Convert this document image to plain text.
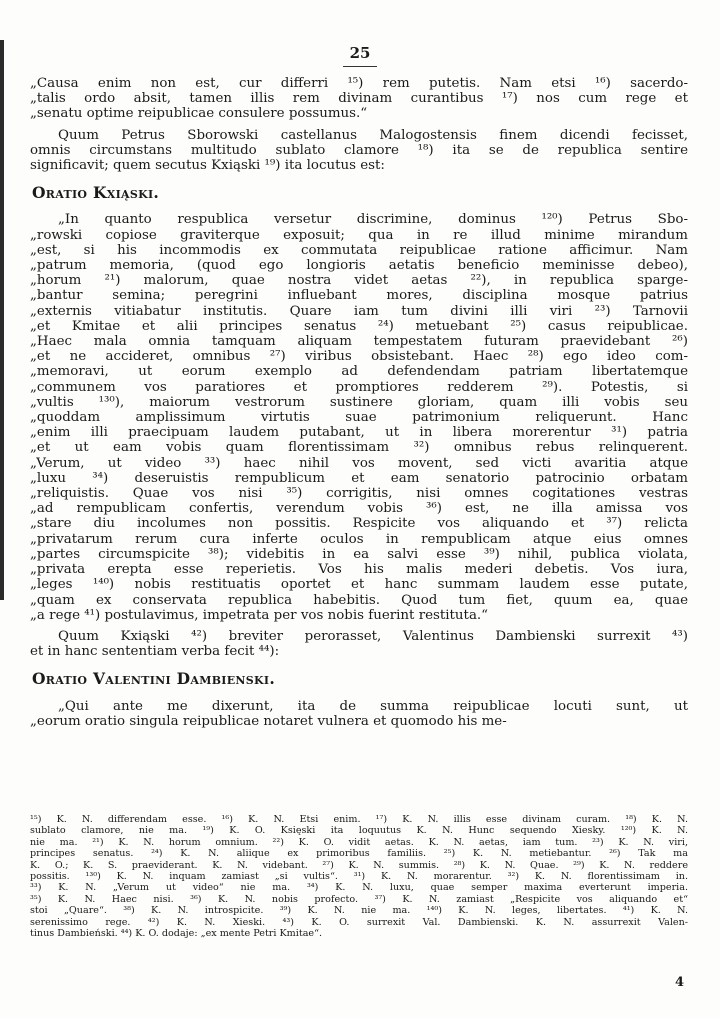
25
„Causa enim non est, cur differri ¹⁵) rem putetis. Nam etsi ¹⁶) sacerdo-
„talis ordo absit, tamen illis rem divinam curantibus ¹⁷) nos cum rege et
„senatu optime reipublicae consulere possumus.“
Quum Petrus Sborowski castellanus Malogostensis finem dicendi fecisset,
omnis circumstans multitudo sublato clamore ¹⁸) ita se de republica sentire
significavit; quem secutus Kxiąski ¹⁹) ita locutus est:
Oratio Kxiąski.
„In quanto respublica versetur discrimine, dominus ¹²⁰) Petrus Sbo-
„rowski copiose graviterque exposuit; qua in re illud minime mirandum
„est, si his incommodis ex commutata reipublicae ratione afficimur. Nam
„patrum memoria, (quod ego longioris aetatis beneficio meminisse debeo),
„horum ²¹) malorum, quae nostra videt aetas ²²), in republica sparge-
„bantur semina; peregrini influebant mores, disciplina mosque patrius
„externis vitiabatur institutis. Quare iam tum divini illi viri ²³) Tarnovii
„et Kmitae et alii principes senatus ²⁴) metuebant ²⁵) casus reipublicae.
„Haec mala omnia tamquam aliquam tempestatem futuram praevidebant ²⁶)
„et ne accideret, omnibus ²⁷) viribus obsistebant. Haec ²⁸) ego ideo com-
„memoravi, ut eorum exemplo ad defendendam patriam libertatemque
„communem vos paratiores et promptiores redderem ²⁹). Potestis, si
„vultis ¹³⁰), maiorum vestrorum sustinere gloriam, quam illi vobis seu
„quoddam amplissimum virtutis suae patrimonium reliquerunt. Hanc
„enim illi praecipuam laudem putabant, ut in libera morerentur ³¹) patria
„et ut eam vobis quam florentissimam ³²) omnibus rebus relinquerent.
„Verum, ut video ³³) haec nihil vos movent, sed victi avaritia atque
„luxu ³⁴) deseruistis rempublicum et eam senatorio patrocinio orbatam
„reliquistis. Quae vos nisi ³⁵) corrigitis, nisi omnes cogitationes vestras
„ad rempublicam confertis, verendum vobis ³⁶) est, ne illa amissa vos
„stare diu incolumes non possitis. Respicite vos aliquando et ³⁷) relicta
„privatarum rerum cura inferte oculos in rempublicam atque eius omnes
„partes circumspicite ³⁸); videbitis in ea salvi esse ³⁹) nihil, publica violata,
„privata erepta esse reperietis. Vos his malis mederi debetis. Vos iura,
„leges ¹⁴⁰) nobis restituatis oportet et hanc summam laudem esse putate,
„quam ex conservata republica habebitis. Quod tum fiet, quum ea, quae
„a rege ⁴¹) postulavimus, impetrata per vos nobis fuerint restituta.“
Quum Kxiąski ⁴²) breviter perorasset, Valentinus Dambienski surrexit ⁴³)
et in hanc sententiam verba fecit ⁴⁴):
Oratio Valentini Dambienski.
„Qui ante me dixerunt, ita de summa reipublicae locuti sunt, ut
„eorum oratio singula reipublicae notaret vulnera et quomodo his me-
¹⁵) K. N. differendam esse. ¹⁶) K. N. Etsi enim. ¹⁷) K. N. illis esse divinam curam. ¹⁸) K. N.
sublato clamore, nie ma. ¹⁹) K. O. Księski ita loquutus K. N. Hunc sequendo Xiesky. ¹²⁰) K. N.
nie ma. ²¹) K. N. horum omnium. ²²) K. O. vidit aetas. K. N. aetas, iam tum. ²³) K. N. viri,
principes senatus. ²⁴) K. N. aliique ex primoribus familiis. ²⁵) K. N. metiebantur. ²⁶) Tak ma
K. O.; K. S. praeviderant. K. N. videbant. ²⁷) K. N. summis. ²⁸) K. N. Quae. ²⁹) K. N. reddere
possitis. ¹³⁰) K. N. inquam zamiast „si vultis“. ³¹) K. N. morarentur. ³²) K. N. florentissimam in.
³³) K. N. „Verum ut video“ nie ma. ³⁴) K. N. luxu, quae semper maxima everterunt imperia.
³⁵) K. N. Haec nisi. ³⁶) K. N. nobis profecto. ³⁷) K. N. zamiast „Respicite vos aliquando et“
stoi „Quare“. ³⁸) K. N. introspicite. ³⁹) K. N. nie ma. ¹⁴⁰) K. N. leges, libertates. ⁴¹) K. N.
serenissimo rege. ⁴²) K. N. Xieski. ⁴³) K. O. surrexit Val. Dambienski. K. N. assurrexit Valen-
tinus Dambieński. ⁴⁴) K. O. dodaje: „ex mente Petri Kmitae“.
4
